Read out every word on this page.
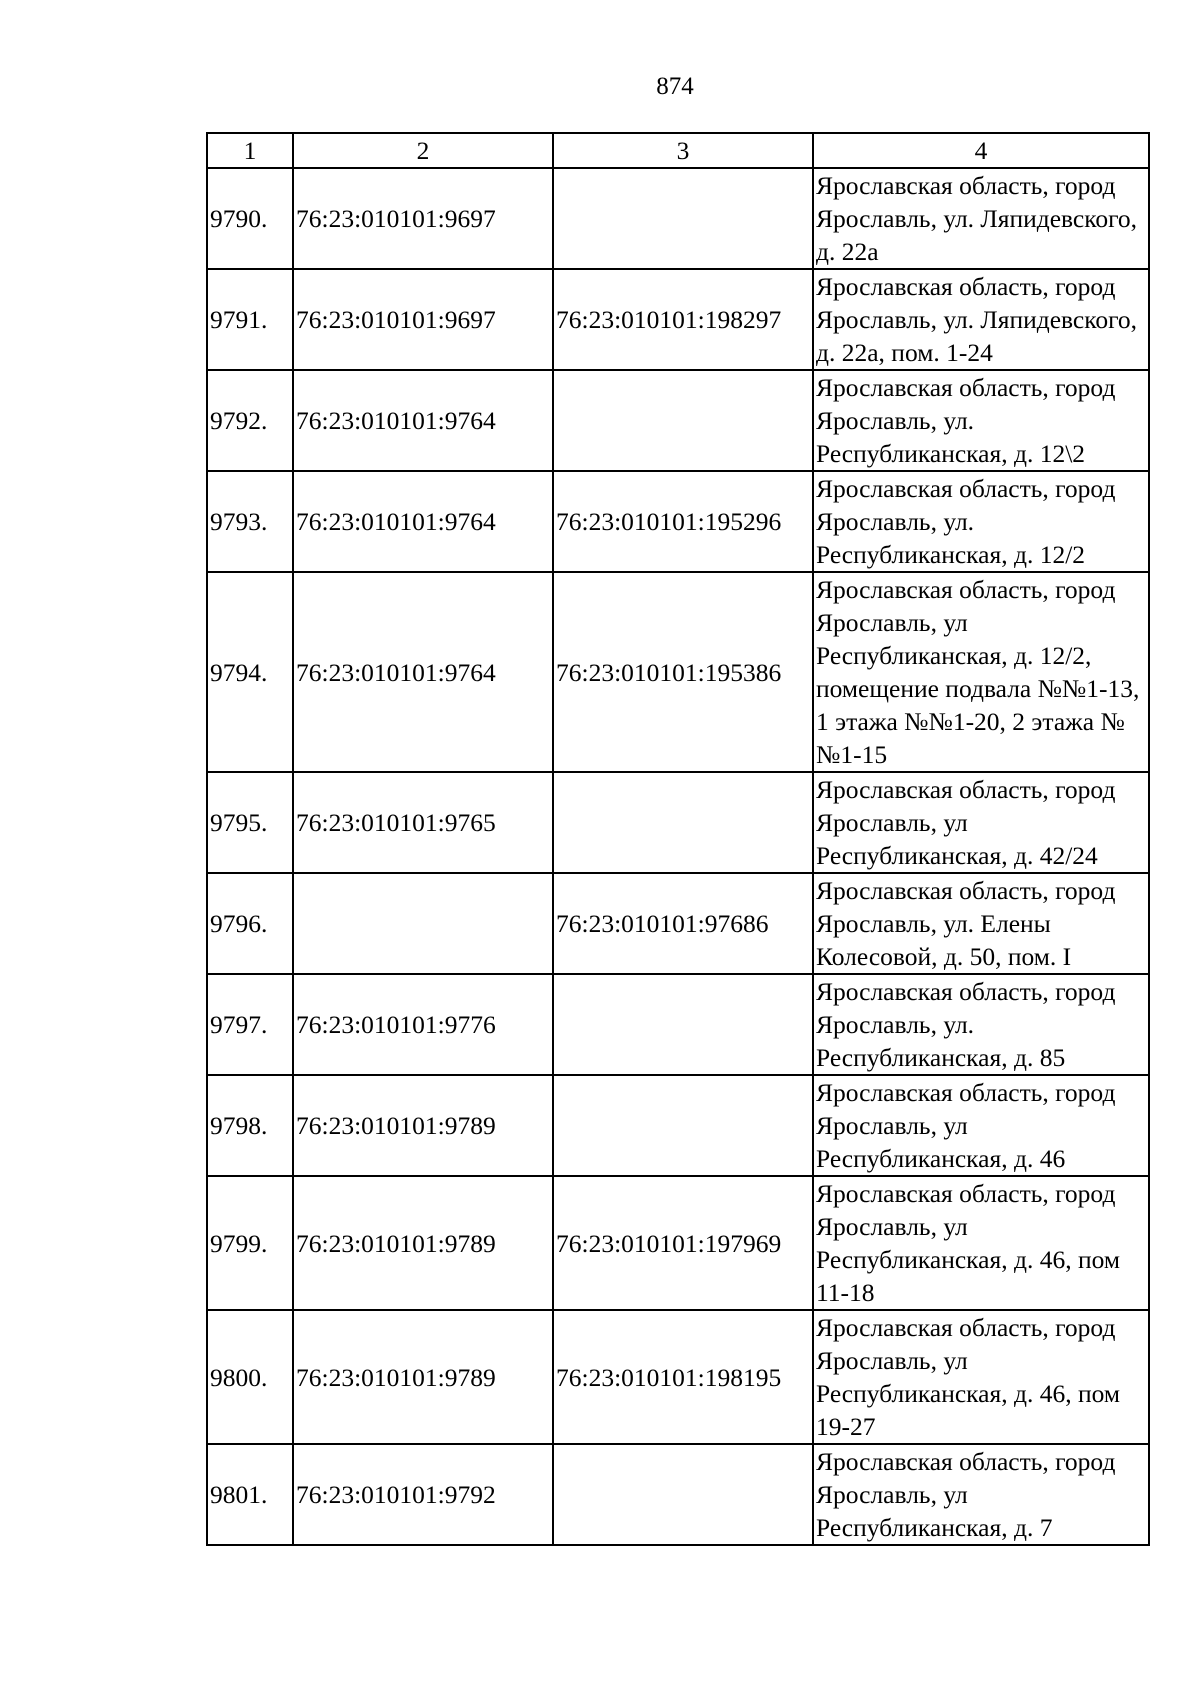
874
1	2	3	4
9790.	76:23:010101:9697		Ярославская область, город Ярославль, ул. Ляпидевского, д. 22а
9791.	76:23:010101:9697	76:23:010101:198297	Ярославская область, город Ярославль, ул. Ляпидевского, д. 22а, пом. 1-24
9792.	76:23:010101:9764		Ярославская область, город Ярославль, ул. Республиканская, д. 12\2
9793.	76:23:010101:9764	76:23:010101:195296	Ярославская область, город Ярославль, ул. Республиканская, д. 12/2
9794.	76:23:010101:9764	76:23:010101:195386	Ярославская область, город Ярославль, ул Республиканская, д. 12/2, помещение подвала №№1-13, 1 этажа №№1-20, 2 этажа №№1-15
9795.	76:23:010101:9765		Ярославская область, город Ярославль, ул Республиканская, д. 42/24
9796.		76:23:010101:97686	Ярославская область, город Ярославль, ул. Елены Колесовой, д. 50, пом. I
9797.	76:23:010101:9776		Ярославская область, город Ярославль, ул. Республиканская, д. 85
9798.	76:23:010101:9789		Ярославская область, город Ярославль, ул Республиканская, д. 46
9799.	76:23:010101:9789	76:23:010101:197969	Ярославская область, город Ярославль, ул Республиканская, д. 46, пом 11-18
9800.	76:23:010101:9789	76:23:010101:198195	Ярославская область, город Ярославль, ул Республиканская, д. 46, пом 19-27
9801.	76:23:010101:9792		Ярославская область, город Ярославль, ул Республиканская, д. 7
